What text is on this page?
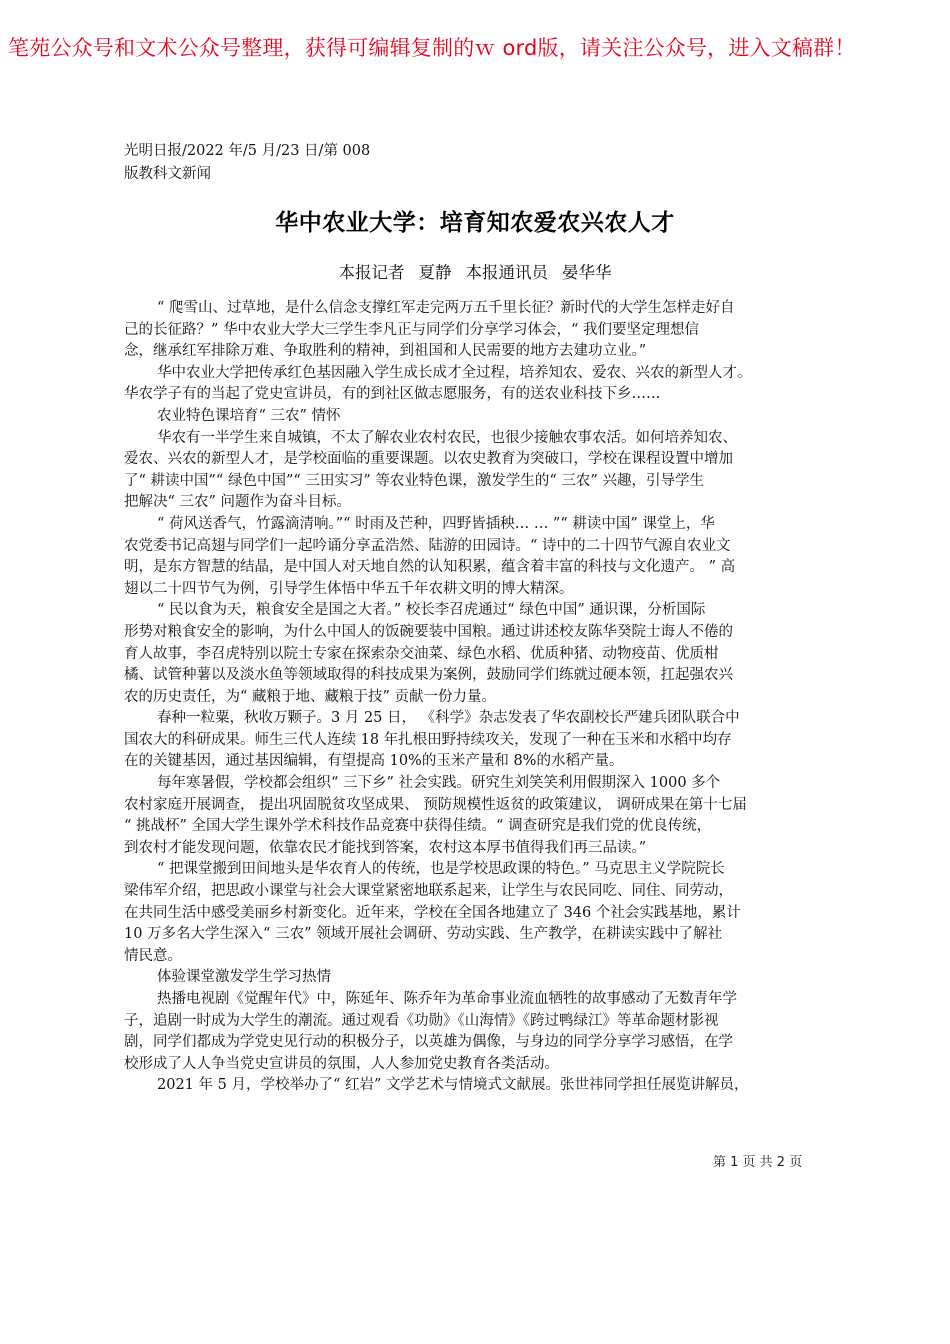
笔苑公众号和文术公众号整理，获得可编辑复制的ｗ ord版，请关注公众号，进入文稿群！
光明日报/2022 年/5 月/23 日/第 008
版教科文新闻
华中农业大学：培育知农爱农兴农人才
本报记者 夏静 本报通讯员 晏华华
“ 爬雪山、过草地，是什么信念支撑红军走完两万五千里长征？新时代的大学生怎样走好自
己的长征路？” 华中农业大学大三学生李凡正与同学们分享学习体会，“ 我们要坚定理想信
念，继承红军排除万难、争取胜利的精神，到祖国和人民需要的地方去建功立业。”
华中农业大学把传承红色基因融入学生成长成才全过程，培养知农、爱农、兴农的新型人才。
华农学子有的当起了党史宣讲员，有的到社区做志愿服务，有的送农业科技下乡……
农业特色课培育“ 三农” 情怀
华农有一半学生来自城镇，不太了解农业农村农民，也很少接触农事农活。如何培养知农、
爱农、兴农的新型人才，是学校面临的重要课题。以农史教育为突破口，学校在课程设置中增加
了“ 耕读中国”“ 绿色中国”“ 三田实习” 等农业特色课，激发学生的“ 三农” 兴趣，引导学生
把解决“ 三农” 问题作为奋斗目标。
“ 荷风送香气，竹露滴清响。”“ 时雨及芒种，四野皆插秧… … ”“ 耕读中国” 课堂上，华
农党委书记高翅与同学们一起吟诵分享孟浩然、陆游的田园诗。“ 诗中的二十四节气源自农业文
明，是东方智慧的结晶，是中国人对天地自然的认知积累，蕴含着丰富的科技与文化遗产。 ” 高
翅以二十四节气为例，引导学生体悟中华五千年农耕文明的博大精深。
“ 民以食为天，粮食安全是国之大者。” 校长李召虎通过“ 绿色中国” 通识课，分析国际
形势对粮食安全的影响，为什么中国人的饭碗要装中国粮。通过讲述校友陈华癸院士诲人不倦的
育人故事，李召虎特别以院士专家在探索杂交油菜、绿色水稻、优质种猪、动物疫苗、优质柑
橘、试管种薯以及淡水鱼等领域取得的科技成果为案例，鼓励同学们练就过硬本领，扛起强农兴
农的历史责任，为“ 藏粮于地、藏粮于技” 贡献一份力量。
春种一粒粟，秋收万颗子。3 月 25 日， 《科学》杂志发表了华农副校长严建兵团队联合中
国农大的科研成果。师生三代人连续 18 年扎根田野持续攻关，发现了一种在玉米和水稻中均存
在的关键基因，通过基因编辑，有望提高 10%的玉米产量和 8%的水稻产量。
每年寒暑假，学校都会组织“ 三下乡” 社会实践。研究生刘笑笑利用假期深入 1000 多个
农村家庭开展调查， 提出巩固脱贫攻坚成果、 预防规模性返贫的政策建议， 调研成果在第十七届
“ 挑战杯” 全国大学生课外学术科技作品竞赛中获得佳绩。“ 调查研究是我们党的优良传统，
到农村才能发现问题，依靠农民才能找到答案，农村这本厚书值得我们再三品读。”
“ 把课堂搬到田间地头是华农育人的传统，也是学校思政课的特色。” 马克思主义学院院长
梁伟军介绍，把思政小课堂与社会大课堂紧密地联系起来，让学生与农民同吃、同住、同劳动，
在共同生活中感受美丽乡村新变化。近年来，学校在全国各地建立了 346 个社会实践基地，累计
10 万多名大学生深入“ 三农” 领域开展社会调研、劳动实践、生产教学，在耕读实践中了解社
情民意。
体验课堂激发学生学习热情
热播电视剧《觉醒年代》中，陈延年、陈乔年为革命事业流血牺牲的故事感动了无数青年学
子，追剧一时成为大学生的潮流。通过观看《功勋》《山海情》《跨过鸭绿江》等革命题材影视
剧，同学们都成为学党史见行动的积极分子，以英雄为偶像，与身边的同学分享学习感悟，在学
校形成了人人争当党史宣讲员的氛围，人人参加党史教育各类活动。
2021 年 5 月，学校举办了“ 红岩” 文学艺术与情境式文献展。张世祎同学担任展览讲解员，
第 1 页 共 2 页
